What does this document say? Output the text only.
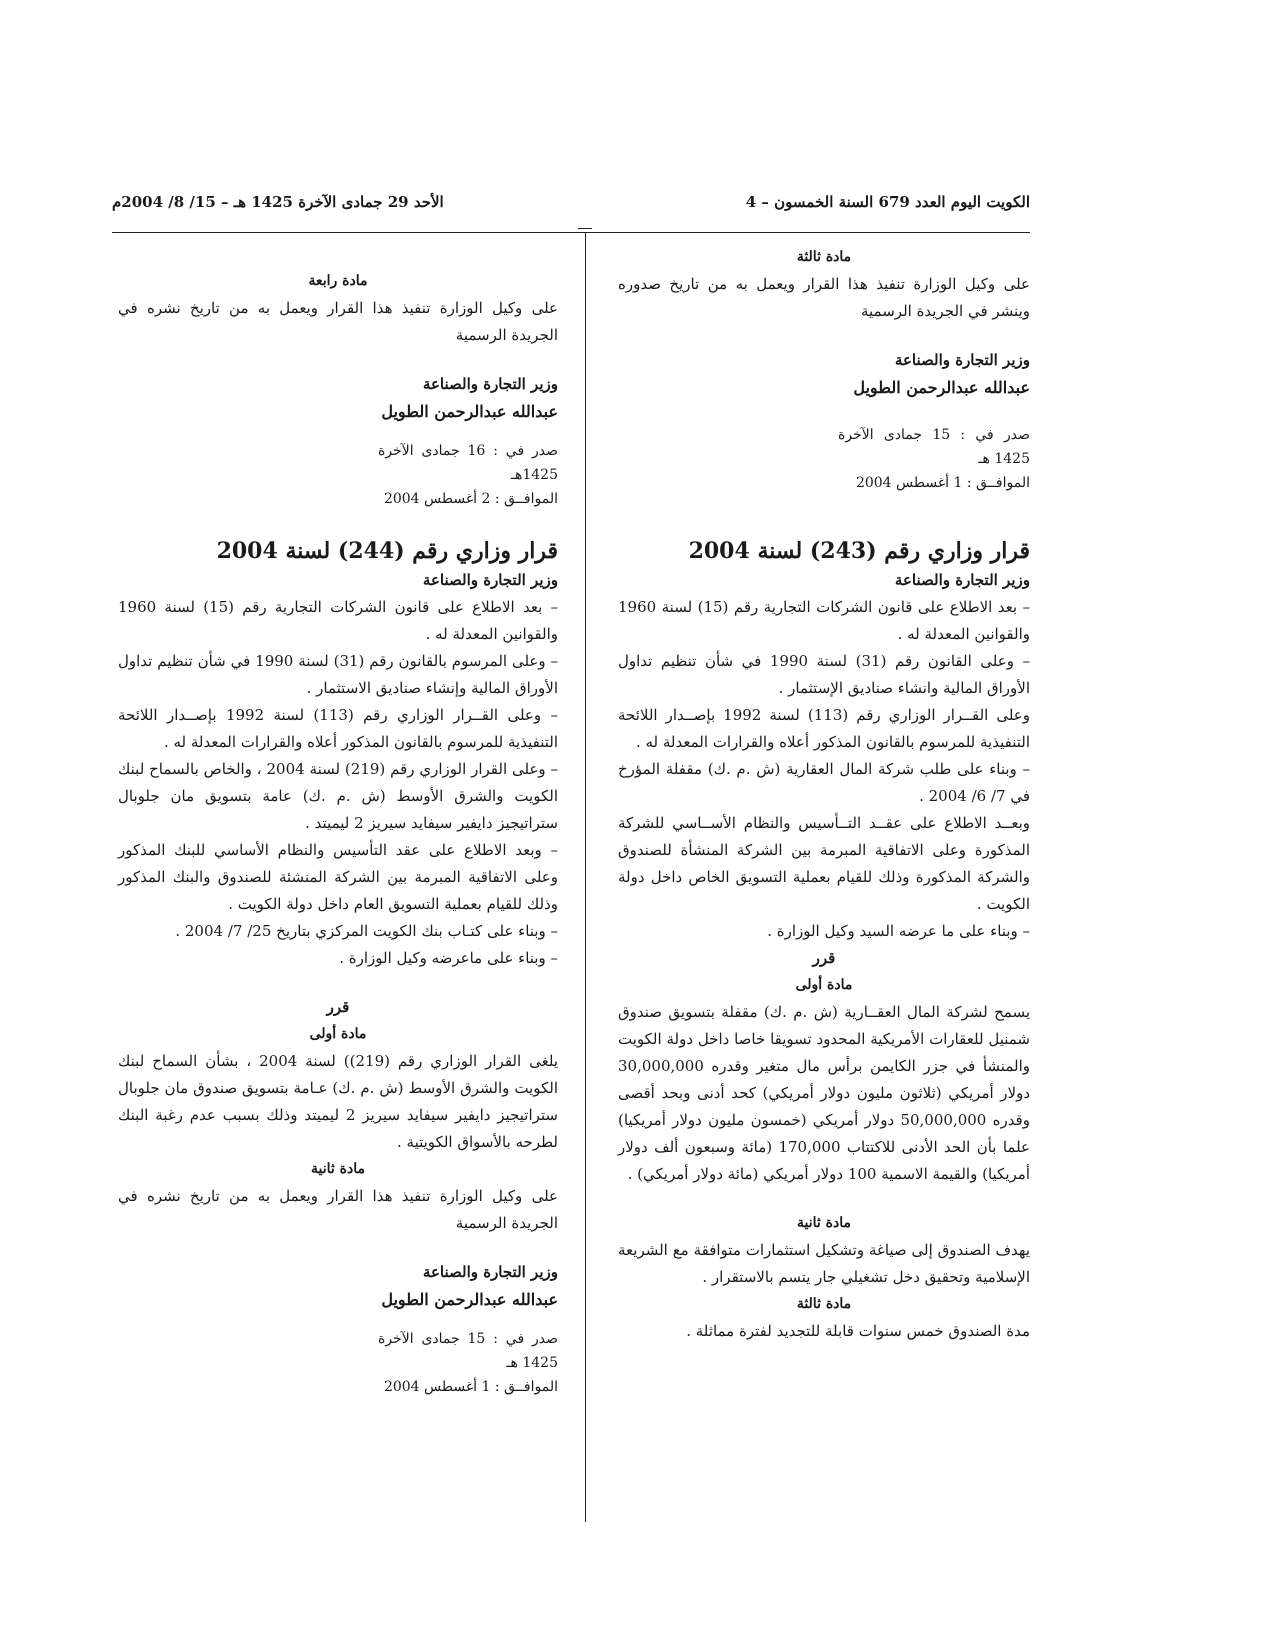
الكويت اليوم العدد 679 السنة الخمسون – 4
الأحد 29 جمادى الآخرة 1425 هـ – 15/ 8/ 2004م

مادة ثالثة

على وكيل الوزارة تنفيذ هذا القرار ويعمل به من تاريخ صدوره وينشر في الجريدة الرسمية

وزير التجارة والصناعة

عبدالله عبدالرحمن الطويل

صدر في : 15 جمادى الآخرة 1425 هـ

الموافــق : 1 أغسطس 2004

قرار وزاري رقم (243) لسنة 2004

وزير التجارة والصناعة

– بعد الاطلاع على قانون الشركات التجارية رقم (15) لسنة 1960 والقوانين المعدلة له .

– وعلى القانون رقم (31) لسنة 1990 في شأن تنظيم تداول الأوراق المالية وانشاء صناديق الإستثمار .

وعلى القــرار الوزاري رقم (113) لسنة 1992 بإصــدار اللائحة التنفيذية للمرسوم بالقانون المذكور أعلاه والقرارات المعدلة له .

– وبناء على طلب شركة المال العقارية (ش .م .ك) مقفلة المؤرخ في 7/ 6/ 2004 .

وبعــد الاطلاع على عقــد التــأسيس والنظام الأســاسي للشركة المذكورة وعلى الاتفاقية المبرمة بين الشركة المنشأة للصندوق والشركة المذكورة وذلك للقيام بعملية التسويق الخاص داخل دولة الكويت .

– وبناء على ما عرضه السيد وكيل الوزارة .

قرر

مادة أولى

يسمح لشركة المال العقــارية (ش .م .ك) مقفلة بتسويق صندوق شمنيل للعقارات الأمريكية المحدود تسويقا خاصا داخل دولة الكويت والمنشأ في جزر الكايمن برأس مال متغير وقدره 30,000,000 دولار أمريكي (ثلاثون مليون دولار أمريكي) كحد أدنى وبحد أقصى وقدره 50,000,000 دولار أمريكي (خمسون مليون دولار أمريكيا) علما بأن الحد الأدنى للاكتتاب 170,000 (مائة وسبعون ألف دولار أمريكيا) والقيمة الاسمية 100 دولار أمريكي (مائة دولار أمريكي) .

مادة ثانية

يهدف الصندوق إلى صياغة وتشكيل استثمارات متوافقة مع الشريعة الإسلامية وتحقيق دخل تشغيلي جار يتسم بالاستقرار .

مادة ثالثة

مدة الصندوق خمس سنوات قابلة للتجديد لفترة مماثلة .

مادة رابعة

على وكيل الوزارة تنفيذ هذا القرار ويعمل به من تاريخ نشره في الجريدة الرسمية

وزير التجارة والصناعة

عبدالله عبدالرحمن الطويل

صدر في : 16 جمادى الآخرة 1425هـ

الموافــق : 2 أغسطس 2004

قرار وزاري رقم (244) لسنة 2004

وزير التجارة والصناعة

– بعد الاطلاع على قانون الشركات التجارية رقم (15) لسنة 1960 والقوانين المعدلة له .

– وعلى المرسوم بالقانون رقم (31) لسنة 1990 في شأن تنظيم تداول الأوراق المالية وإنشاء صناديق الاستثمار .

– وعلى القــرار الوزاري رقم (113) لسنة 1992 بإصــدار اللائحة التنفيذية للمرسوم بالقانون المذكور أعلاه والقرارات المعدلة له .

– وعلى القرار الوزاري رقم (219) لسنة 2004 ، والخاص بالسماح لبنك الكويت والشرق الأوسط (ش .م .ك) عامة بتسويق مان جلوبال ستراتيجيز دايفير سيفايد سيريز 2 ليميتد .

– وبعد الاطلاع على عقد التأسيس والنظام الأساسي للبنك المذكور وعلى الاتفاقية المبرمة بين الشركة المنشئة للصندوق والبنك المذكور وذلك للقيام بعملية التسويق العام داخل دولة الكويت .

– وبناء على كتـاب بنك الكويت المركزي بتاريخ 25/ 7/ 2004 .

– وبناء على ماعرضه وكيل الوزارة .

قرر

مادة أولى

يلغى القرار الوزاري رقم (219)) لسنة 2004 ، بشأن السماح لبنك الكويت والشرق الأوسط (ش .م .ك) عـامة بتسويق صندوق مان جلوبال ستراتيجيز دايفير سيفايد سيريز 2 ليميتد وذلك بسبب عدم رغبة البنك لطرحه بالأسواق الكويتية .

مادة ثانية

على وكيل الوزارة تنفيذ هذا القرار ويعمل به من تاريخ نشره في الجريدة الرسمية

وزير التجارة والصناعة

عبدالله عبدالرحمن الطويل

صدر في : 15 جمادى الآخرة 1425 هـ

الموافــق : 1 أغسطس 2004
